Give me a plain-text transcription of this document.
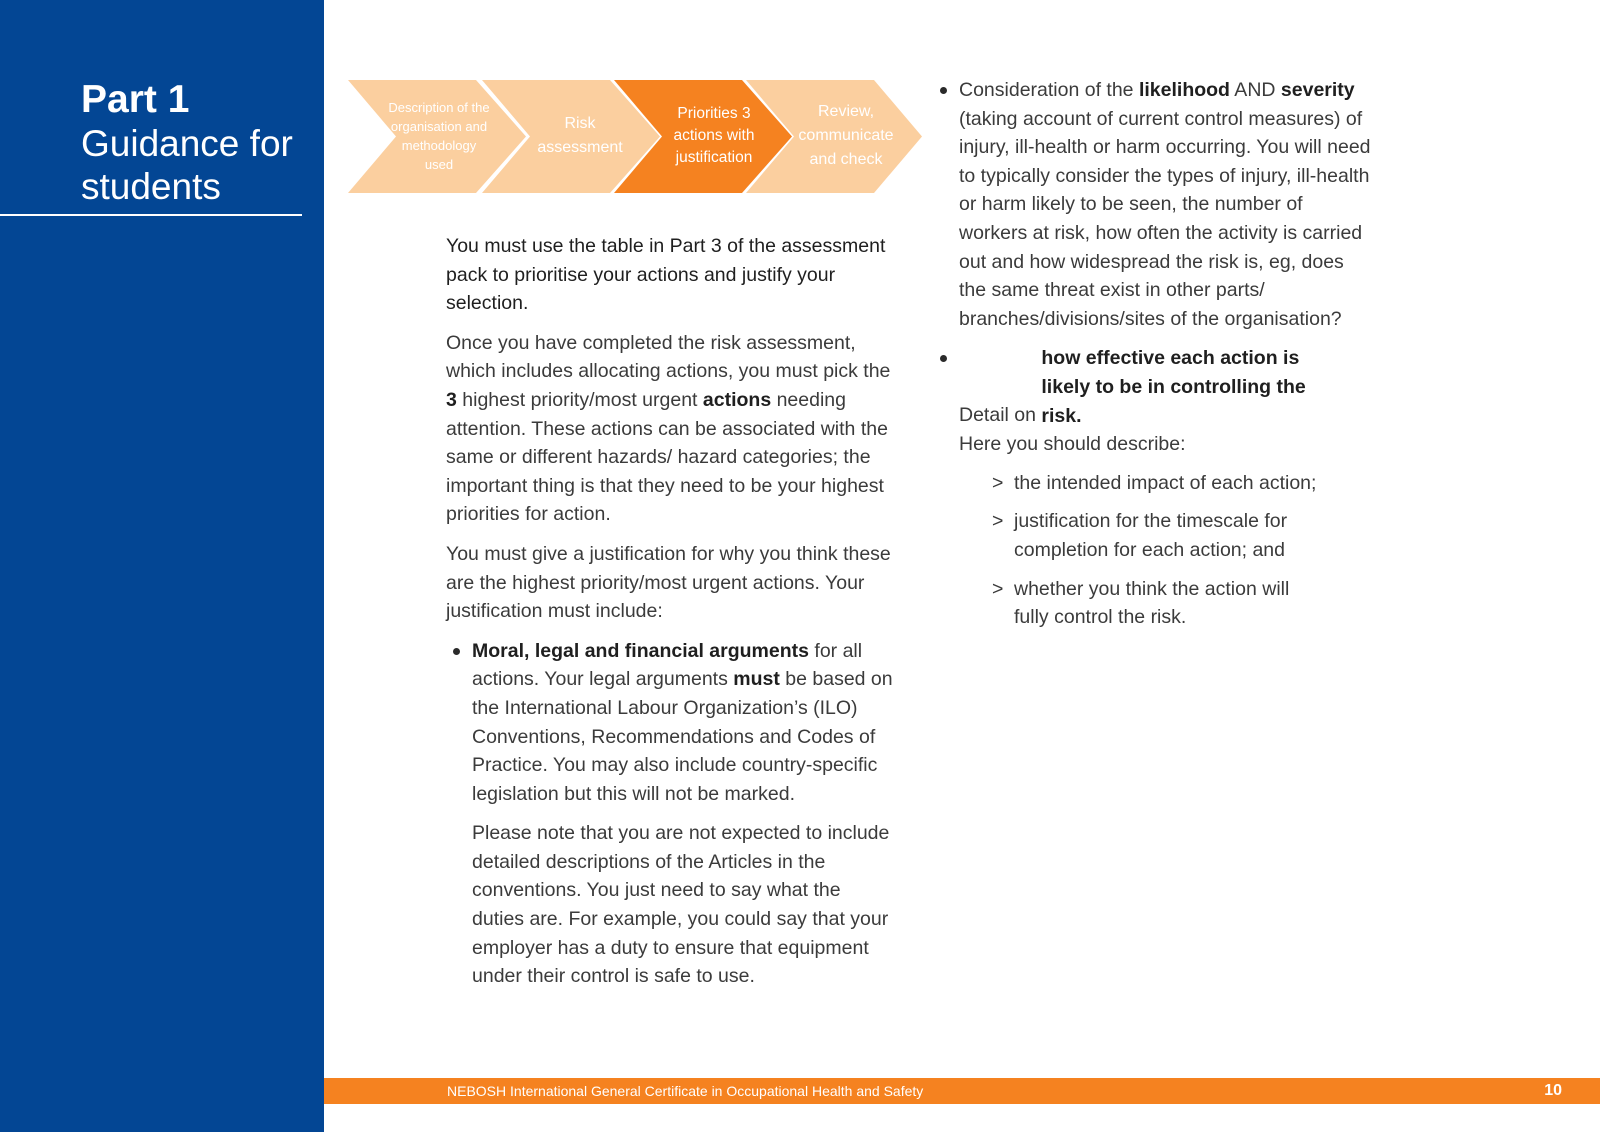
Part 1
Guidance for
students
Description of the organisation and methodology used
Risk assessment
Priorities 3 actions with justification
Review, communicate and check

You must use the table in Part 3 of the assessment pack to prioritise your actions and justify your selection.

Once you have completed the risk assessment, which includes allocating actions, you must pick the 3 highest priority/most urgent actions needing attention. These actions can be associated with the same or different hazards/ hazard categories; the important thing is that they need to be your highest priorities for action.

You must give a justification for why you think these are the highest priority/most urgent actions. Your justification must include:

Moral, legal and financial arguments for all actions. Your legal arguments must be based on the International Labour Organization’s (ILO) Conventions, Recommendations and Codes of Practice. You may also include country-specific legislation but this will not be marked.

Please note that you are not expected to include detailed descriptions of the Articles in the conventions. You just need to say what the duties are. For example, you could say that your employer has a duty to ensure that equipment under their control is safe to use.

Consideration of the likelihood AND severity (taking account of current control measures) of injury, ill-health or harm occurring. You will need to typically consider the types of injury, ill-health or harm likely to be seen, the number of workers at risk, how often the activity is carried out and how widespread the risk is, eg, does the same threat exist in other parts/ branches/divisions/sites of the organisation?
Detail on how effective each action is likely to be in controlling the risk.
Here you should describe:
> the intended impact of each action;
> justification for the timescale for completion for each action; and
> whether you think the action will fully control the risk.
NEBOSH International General Certificate in Occupational Health and Safety	10
